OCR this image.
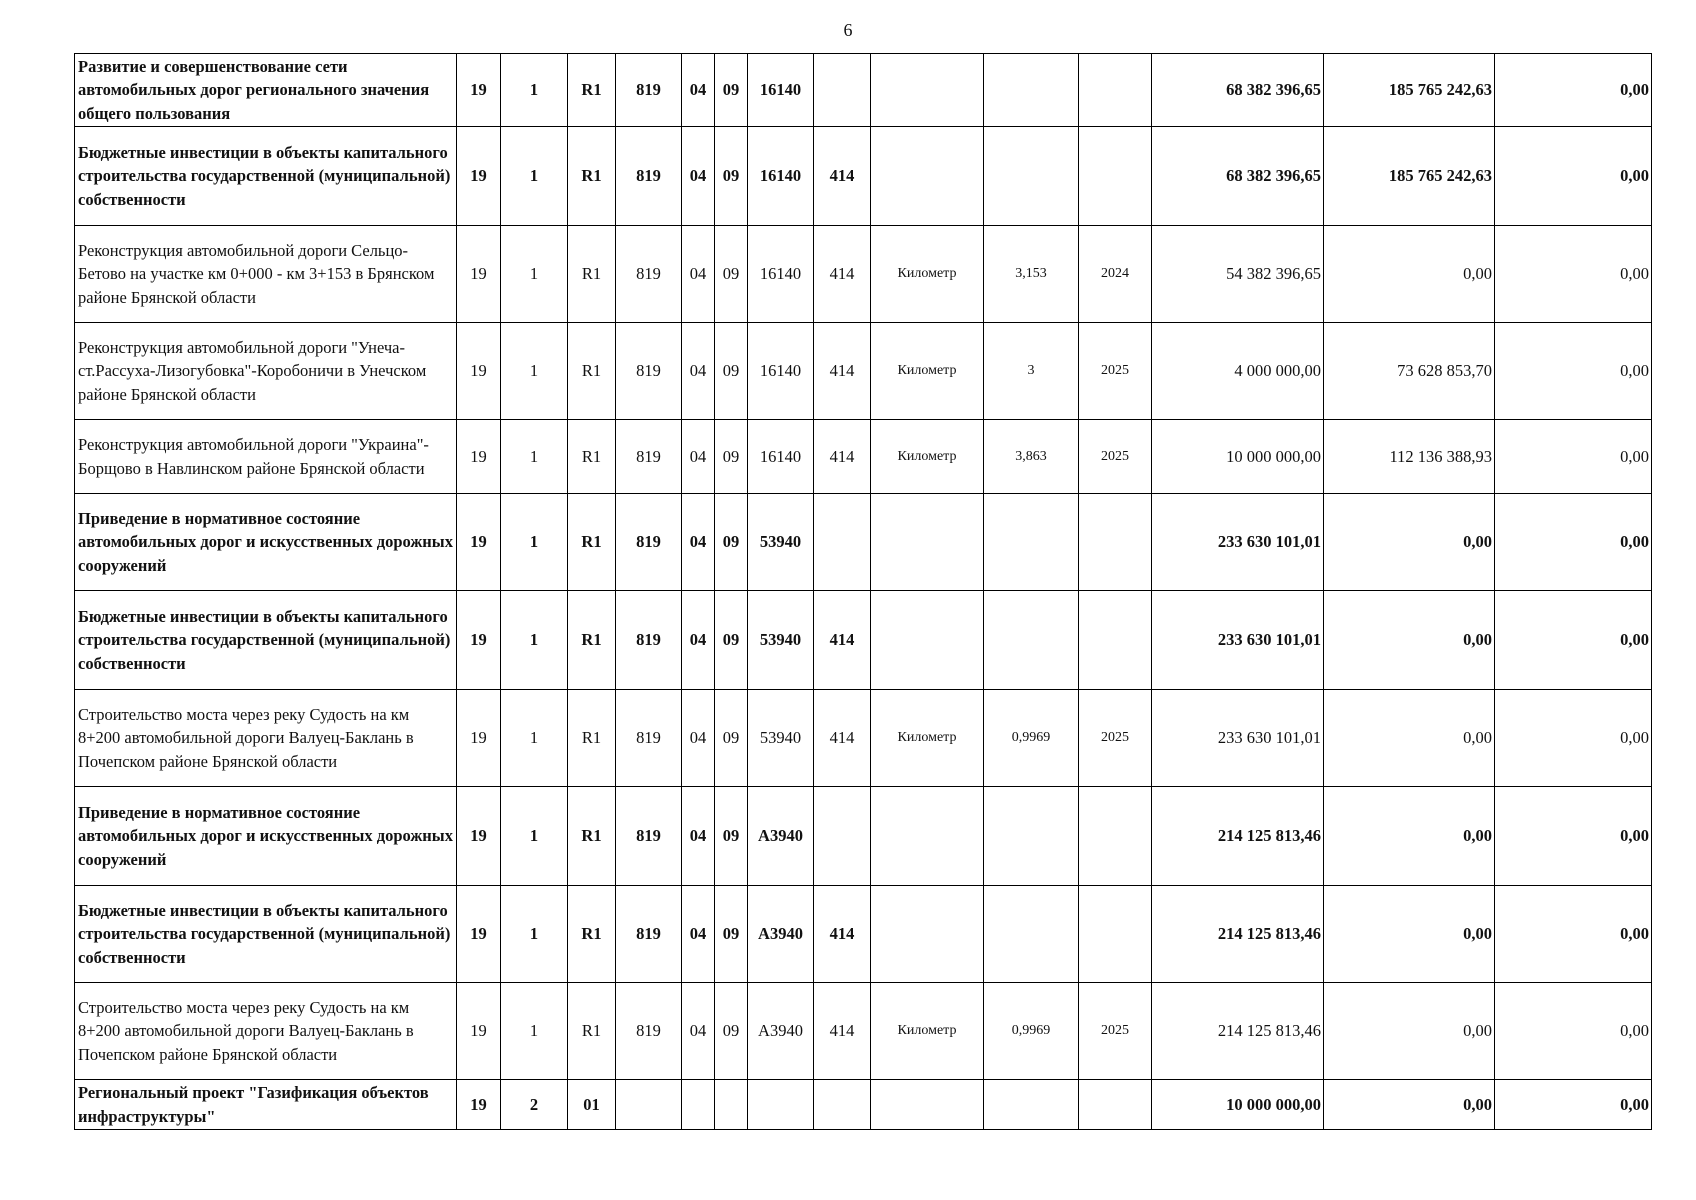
6
Развитие и совершенствование сети автомобильных дорог регионального значения общего пользования	19	1	R1	819	04	09	16140					68 382 396,65	185 765 242,63	0,00
Бюджетные инвестиции в объекты капитального строительства государственной (муниципальной) собственности	19	1	R1	819	04	09	16140	414				68 382 396,65	185 765 242,63	0,00
Реконструкция автомобильной дороги Сельцо-Бетово на участке км 0+000 - км 3+153 в Брянском районе Брянской области	19	1	R1	819	04	09	16140	414	Километр	3,153	2024	54 382 396,65	0,00	0,00
Реконструкция автомобильной дороги "Унеча-ст.Рассуха-Лизогубовка"-Коробоничи в Унечском районе Брянской области	19	1	R1	819	04	09	16140	414	Километр	3	2025	4 000 000,00	73 628 853,70	0,00
Реконструкция автомобильной дороги "Украина"-Борщово в Навлинском районе Брянской области	19	1	R1	819	04	09	16140	414	Километр	3,863	2025	10 000 000,00	112 136 388,93	0,00
Приведение в нормативное состояние автомобильных дорог и искусственных дорожных сооружений	19	1	R1	819	04	09	53940					233 630 101,01	0,00	0,00
Бюджетные инвестиции в объекты капитального строительства государственной (муниципальной) собственности	19	1	R1	819	04	09	53940	414				233 630 101,01	0,00	0,00
Строительство моста через реку Судость на км 8+200 автомобильной дороги Валуец-Баклань в Почепском районе Брянской области	19	1	R1	819	04	09	53940	414	Километр	0,9969	2025	233 630 101,01	0,00	0,00
Приведение в нормативное состояние автомобильных дорог и искусственных дорожных сооружений	19	1	R1	819	04	09	А3940					214 125 813,46	0,00	0,00
Бюджетные инвестиции в объекты капитального строительства государственной (муниципальной) собственности	19	1	R1	819	04	09	А3940	414				214 125 813,46	0,00	0,00
Строительство моста через реку Судость на км 8+200 автомобильной дороги Валуец-Баклань в Почепском районе Брянской области	19	1	R1	819	04	09	А3940	414	Километр	0,9969	2025	214 125 813,46	0,00	0,00
Региональный проект "Газификация объектов инфраструктуры"	19	2	01									10 000 000,00	0,00	0,00
